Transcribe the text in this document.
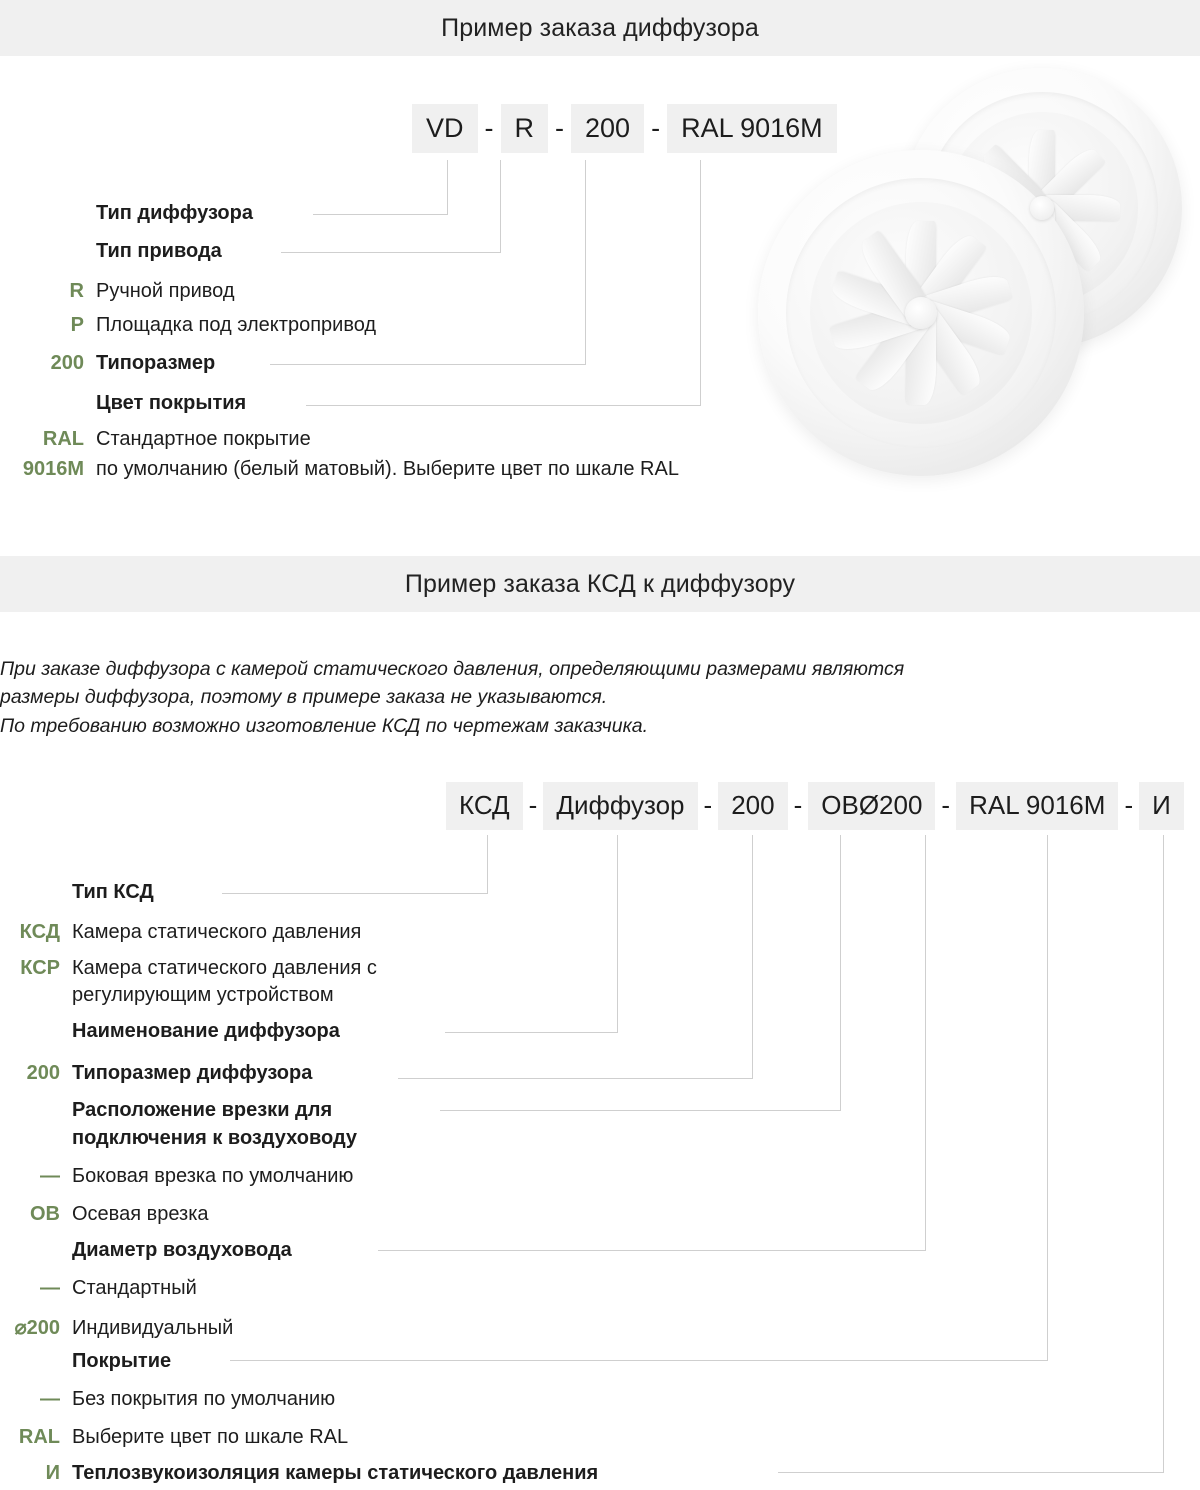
Пример заказа диффузора
VD - R - 200 - RAL 9016M
Тип диффузора
Тип привода
R Ручной привод
P Площадка под электропривод
200 Типоразмер
Цвет покрытия
RAL Стандартное покрытие
9016M по умолчанию (белый матовый). Выберите цвет по шкале RAL
Пример заказа КСД к диффузору
При заказе диффузора с камерой статического давления, определяющими размерами являются
размеры диффузора, поэтому в примере заказа не указываются.
По требованию возможно изготовление КСД по чертежам заказчика.
КСД - Диффузор - 200 - ОВØ200 - RAL 9016M - И
Тип КСД
КСД Камера статического давления
КСР Камера статического давления с
регулирующим устройством
Наименование диффузора
200 Типоразмер диффузора
Расположение врезки для
подключения к воздуховоду
— Боковая врезка по умолчанию
ОВ Осевая врезка
Диаметр воздуховода
— Стандартный
⌀200 Индивидуальный
Покрытие
— Без покрытия по умолчанию
RAL Выберите цвет по шкале RAL
И Теплозвукоизоляция камеры статического давления
